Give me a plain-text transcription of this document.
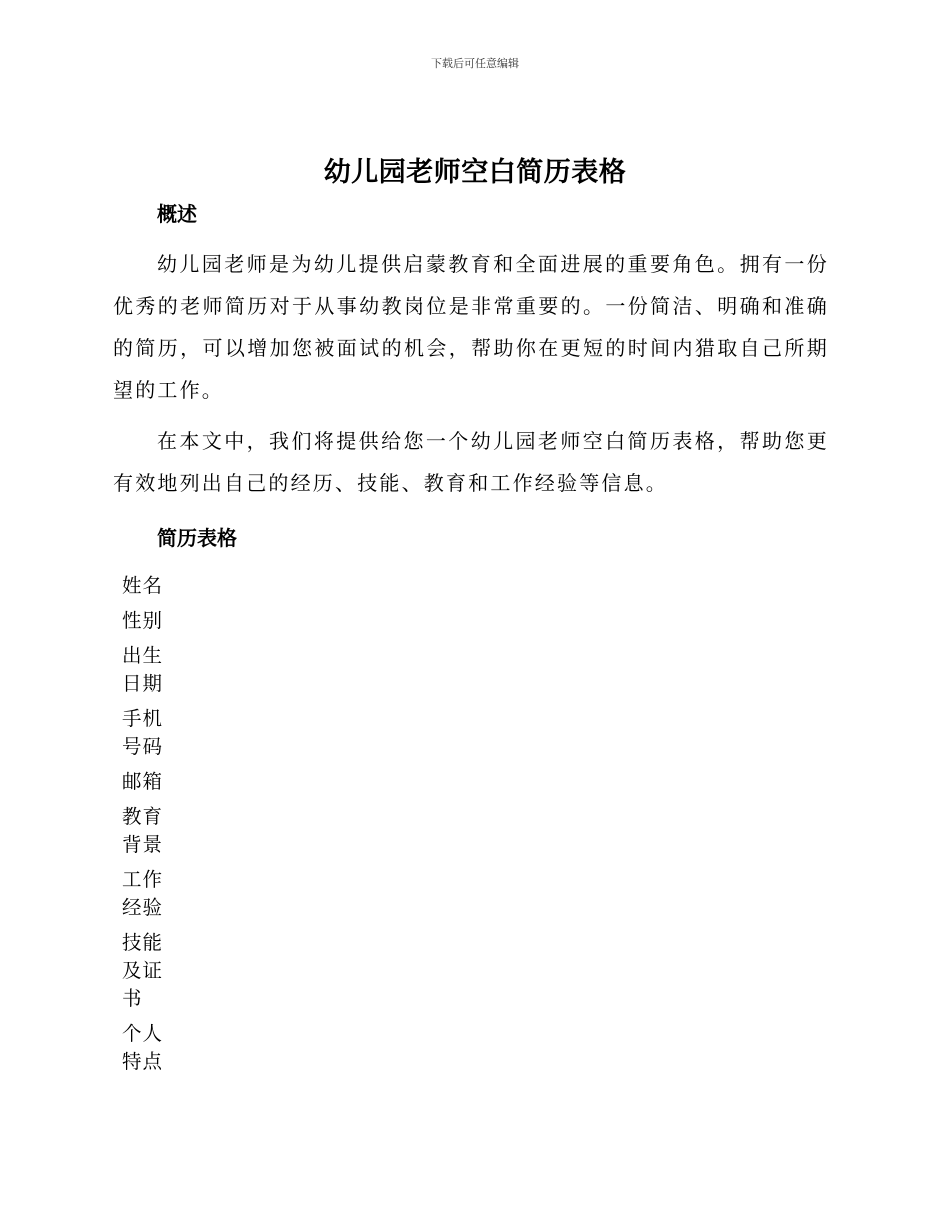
下载后可任意编辑
幼儿园老师空白简历表格
概述

幼儿园老师是为幼儿提供启蒙教育和全面进展的重要角色。拥有一份优秀的老师简历对于从事幼教岗位是非常重要的。一份简洁、明确和准确的简历，可以增加您被面试的机会，帮助你在更短的时间内猎取自己所期望的工作。

在本文中，我们将提供给您一个幼儿园老师空白简历表格，帮助您更有效地列出自己的经历、技能、教育和工作经验等信息。

简历表格
姓名
性别
出生日期
手机号码
邮箱
教育背景
工作经验
技能及证书
个人特点
